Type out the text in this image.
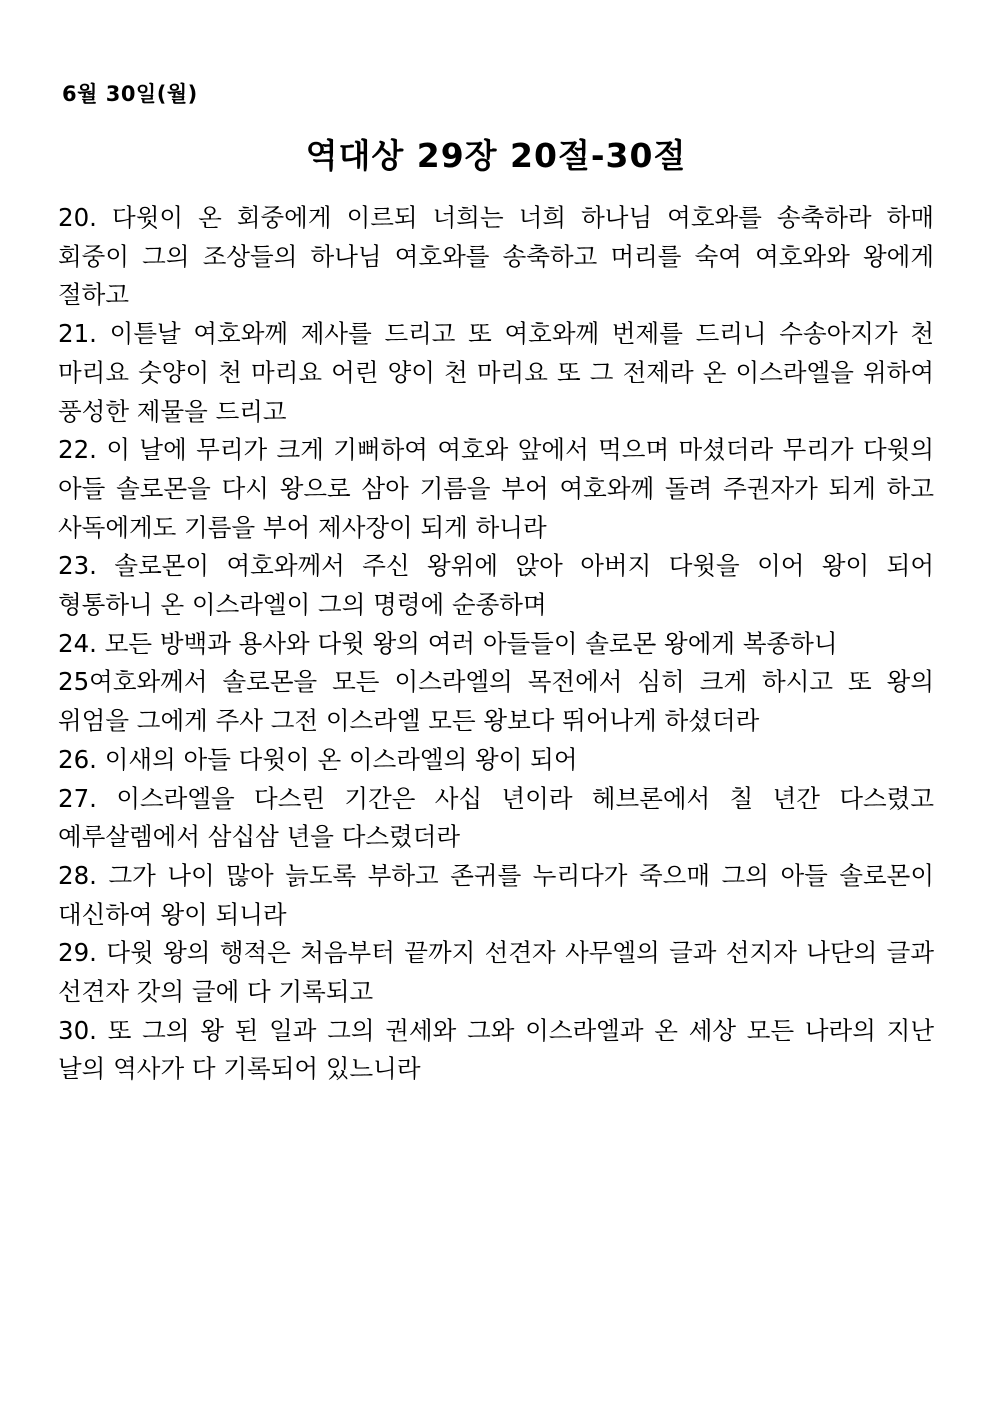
6월 30일(월)
역대상 29장 20절-30절

20. 다윗이 온 회중에게 이르되 너희는 너희 하나님 여호와를 송축하라 하매 회중이 그의 조상들의 하나님 여호와를 송축하고 머리를 숙여 여호와와 왕에게 절하고

21. 이튿날 여호와께 제사를 드리고 또 여호와께 번제를 드리니 수송아지가 천 마리요 숫양이 천 마리요 어린 양이 천 마리요 또 그 전제라 온 이스라엘을 위하여 풍성한 제물을 드리고

22. 이 날에 무리가 크게 기뻐하여 여호와 앞에서 먹으며 마셨더라 무리가 다윗의 아들 솔로몬을 다시 왕으로 삼아 기름을 부어 여호와께 돌려 주권자가 되게 하고 사독에게도 기름을 부어 제사장이 되게 하니라

23. 솔로몬이 여호와께서 주신 왕위에 앉아 아버지 다윗을 이어 왕이 되어 형통하니 온 이스라엘이 그의 명령에 순종하며

24. 모든 방백과 용사와 다윗 왕의 여러 아들들이 솔로몬 왕에게 복종하니

25여호와께서 솔로몬을 모든 이스라엘의 목전에서 심히 크게 하시고 또 왕의 위엄을 그에게 주사 그전 이스라엘 모든 왕보다 뛰어나게 하셨더라

26. 이새의 아들 다윗이 온 이스라엘의 왕이 되어

27. 이스라엘을 다스린 기간은 사십 년이라 헤브론에서 칠 년간 다스렸고 예루살렘에서 삼십삼 년을 다스렸더라

28. 그가 나이 많아 늙도록 부하고 존귀를 누리다가 죽으매 그의 아들 솔로몬이 대신하여 왕이 되니라

29. 다윗 왕의 행적은 처음부터 끝까지 선견자 사무엘의 글과 선지자 나단의 글과 선견자 갓의 글에 다 기록되고

30. 또 그의 왕 된 일과 그의 권세와 그와 이스라엘과 온 세상 모든 나라의 지난 날의 역사가 다 기록되어 있느니라
